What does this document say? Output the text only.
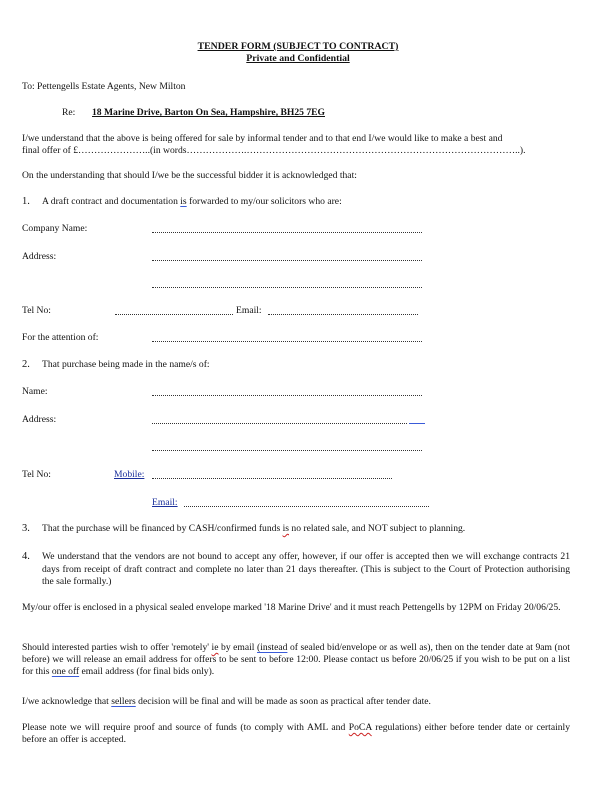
TENDER FORM (SUBJECT TO CONTRACT)
Private and Confidential
To: Pettengells Estate Agents, New Milton
Re: 18 Marine Drive, Barton On Sea, Hampshire, BH25 7EG
I/we understand that the above is being offered for sale by informal tender and to that end I/we would like to make a best and
final offer of £…………………..(in words……………….…………………………………………………………………………..).
On the understanding that should I/we be the successful bidder it is acknowledged that:
1. A draft contract and documentation is forwarded to my/our solicitors who are:
Company Name:
Address:
Tel No:	Email:
For the attention of:
2. That purchase being made in the name/s of:
Name:
Address:
Tel No:	Mobile:
Email:
3. That the purchase will be financed by CASH/confirmed funds is no related sale, and NOT subject to planning.
4. We understand that the vendors are not bound to accept any offer, however, if our offer is accepted then we will exchange contracts 21 days from receipt of draft contract and complete no later than 21 days thereafter. (This is subject to the Court of Protection authorising the sale formally.)
My/our offer is enclosed in a physical sealed envelope marked '18 Marine Drive' and it must reach Pettengells by 12PM on Friday 20/06/25.
Should interested parties wish to offer 'remotely' ie by email (instead of sealed bid/envelope or as well as), then on the tender date at 9am (not before) we will release an email address for offers to be sent to before 12:00. Please contact us before 20/06/25 if you wish to be put on a list for this one off email address (for final bids only).
I/we acknowledge that sellers decision will be final and will be made as soon as practical after tender date.
Please note we will require proof and source of funds (to comply with AML and PoCA regulations) either before tender date or certainly before an offer is accepted.
